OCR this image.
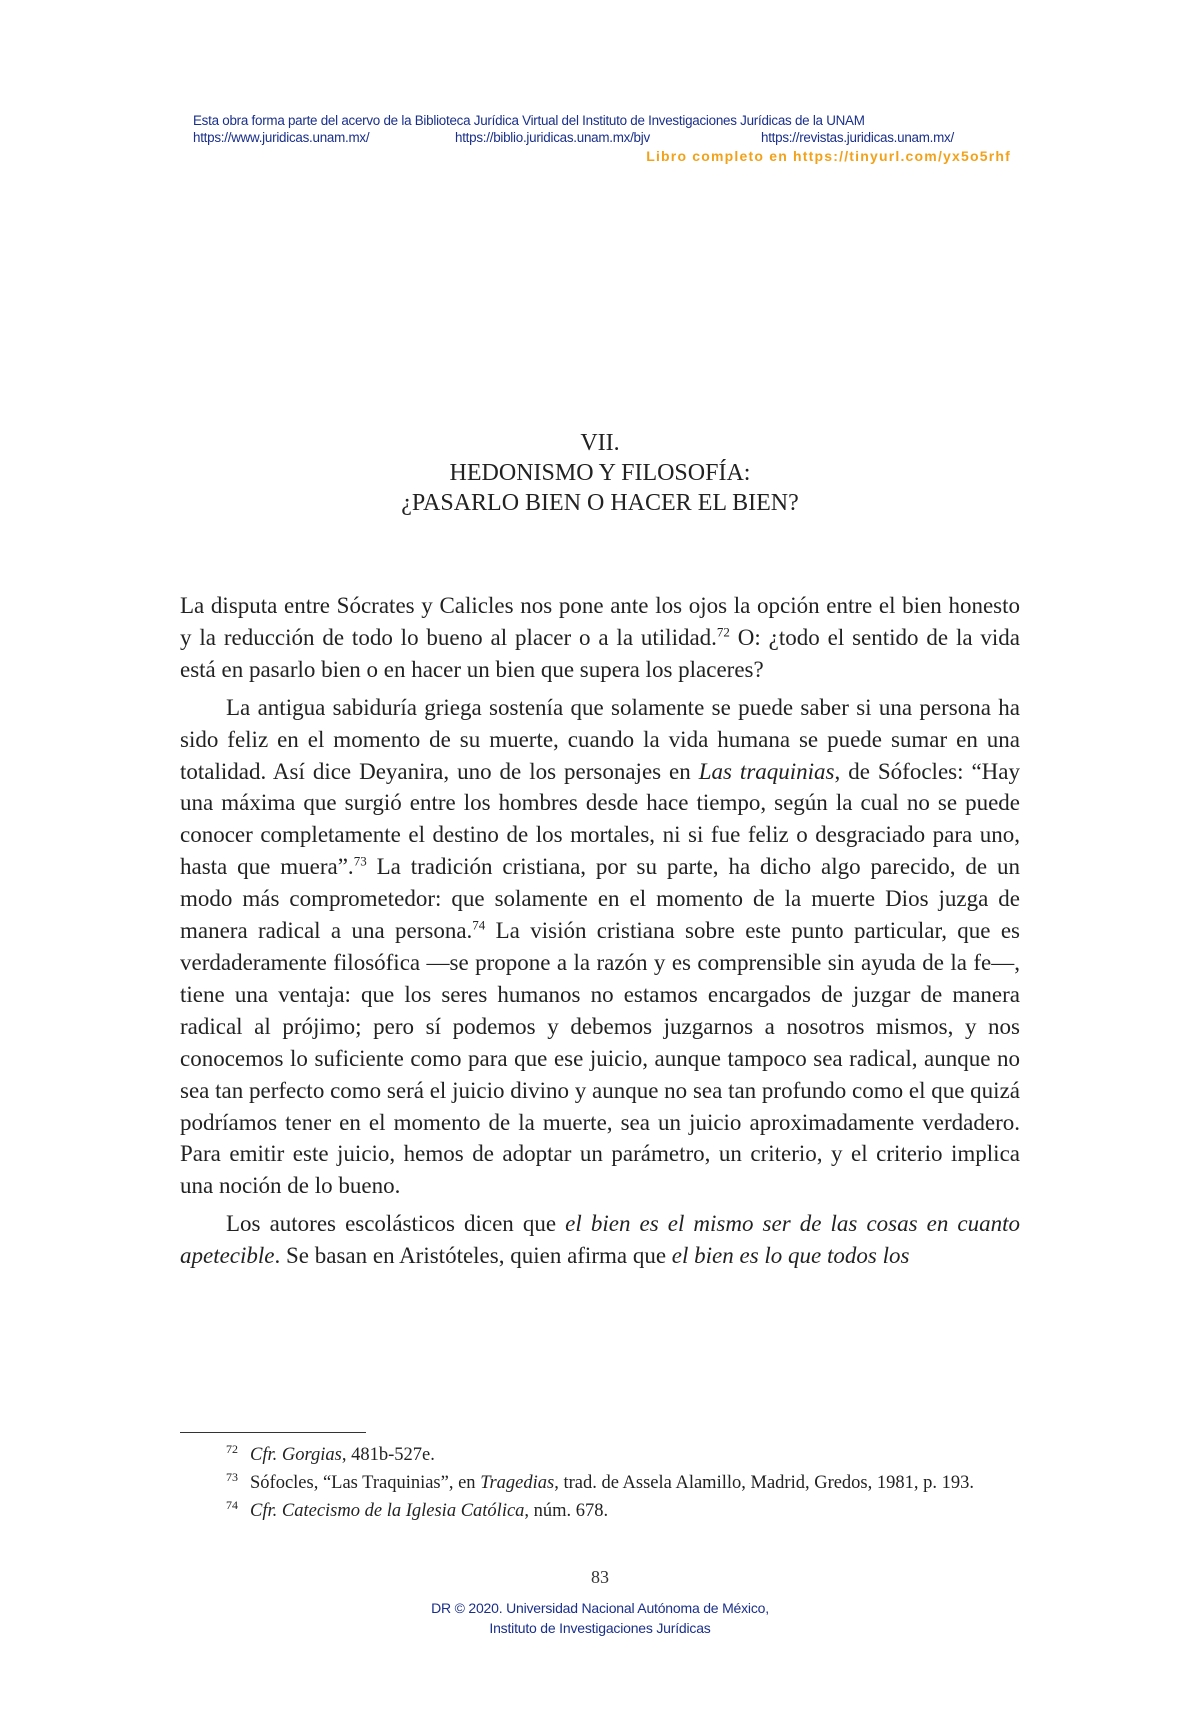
Esta obra forma parte del acervo de la Biblioteca Jurídica Virtual del Instituto de Investigaciones Jurídicas de la UNAM
https://www.juridicas.unam.mx/	https://biblio.juridicas.unam.mx/bjv	https://revistas.juridicas.unam.mx/
Libro completo en https://tinyurl.com/yx5o5rhf
VII.
HEDONISMO Y FILOSOFÍA:
¿PASARLO BIEN O HACER EL BIEN?

La disputa entre Sócrates y Calicles nos pone ante los ojos la opción entre el bien honesto y la reducción de todo lo bueno al placer o a la utilidad.$^{72}$ O: ¿todo el sentido de la vida está en pasarlo bien o en hacer un bien que supera los placeres?

La antigua sabiduría griega sostenía que solamente se puede saber si una persona ha sido feliz en el momento de su muerte, cuando la vida humana se puede sumar en una totalidad. Así dice Deyanira, uno de los personajes en Las traquinias, de Sófocles: “Hay una máxima que surgió entre los hombres desde hace tiempo, según la cual no se puede conocer completamente el destino de los mortales, ni si fue feliz o desgraciado para uno, hasta que muera”.$^{73}$ La tradición cristiana, por su parte, ha dicho algo parecido, de un modo más comprometedor: que solamente en el momento de la muerte Dios juzga de manera radical a una persona.$^{74}$ La visión cristiana sobre este punto particular, que es verdaderamente filosófica —se propone a la razón y es comprensible sin ayuda de la fe—, tiene una ventaja: que los seres humanos no estamos encargados de juzgar de manera radical al prójimo; pero sí podemos y debemos juzgarnos a nosotros mismos, y nos conocemos lo suficiente como para que ese juicio, aunque tampoco sea radical, aunque no sea tan perfecto como será el juicio divino y aunque no sea tan profundo como el que quizá podríamos tener en el momento de la muerte, sea un juicio aproximadamente verdadero. Para emitir este juicio, hemos de adoptar un parámetro, un criterio, y el criterio implica una noción de lo bueno.

Los autores escolásticos dicen que el bien es el mismo ser de las cosas en cuanto apetecible. Se basan en Aristóteles, quien afirma que el bien es lo que todos los

$^{72}$ Cfr. Gorgias, 481b-527e.

$^{73}$ Sófocles, “Las Traquinias”, en Tragedias, trad. de Assela Alamillo, Madrid, Gredos, 1981, p. 193.

$^{74}$ Cfr. Catecismo de la Iglesia Católica, núm. 678.

83
DR © 2020. Universidad Nacional Autónoma de México,
Instituto de Investigaciones Jurídicas
